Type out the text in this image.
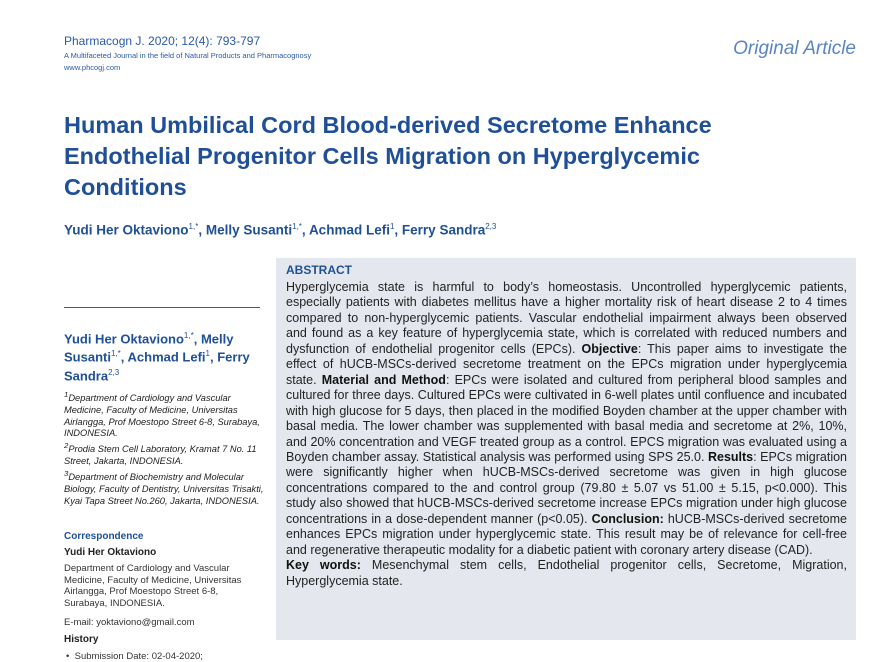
Pharmacogn J. 2020; 12(4): 793-797
A Multifaceted Journal in the field of Natural Products and Pharmacognosy
www.phcogj.com
Original Article
Human Umbilical Cord Blood-derived Secretome Enhance Endothelial Progenitor Cells Migration on Hyperglycemic Conditions
Yudi Her Oktaviono$^{1,*}$, Melly Susanti$^{1,*}$, Achmad Lefi$^1$, Ferry Sandra$^{2,3}$
ABSTRACT

Hyperglycemia state is harmful to body’s homeostasis. Uncontrolled hyperglycemic patients, especially patients with diabetes mellitus have a higher mortality risk of heart disease 2 to 4 times compared to non-hyperglycemic patients. Vascular endothelial impairment always been observed and found as a key feature of hyperglycemia state, which is correlated with reduced numbers and dysfunction of endothelial progenitor cells (EPCs). Objective: This paper aims to investigate the effect of hUCB-MSCs-derived secretome treatment on the EPCs migration under hyperglycemia state. Material and Method: EPCs were isolated and cultured from peripheral blood samples and cultured for three days. Cultured EPCs were cultivated in 6-well plates until confluence and incubated with high glucose for 5 days, then placed in the modified Boyden chamber at the upper chamber with basal media. The lower chamber was supplemented with basal media and secretome at 2%, 10%, and 20% concentration and VEGF treated group as a control. EPCS migration was evaluated using a Boyden chamber assay. Statistical analysis was performed using SPS 25.0. Results: EPCs migration were significantly higher when hUCB-MSCs-derived secretome was given in high glucose concentrations compared to the and control group (79.80 ± 5.07 vs 51.00 ± 5.15, p<0.000). This study also showed that hUCB-MSCs-derived secretome increase EPCs migration under high glucose concentrations in a dose-dependent manner (p<0.05). Conclusion: hUCB-MSCs-derived secretome enhances EPCs migration under hyperglycemic state. This result may be of relevance for cell-free and regenerative therapeutic modality for a diabetic patient with coronary artery disease (CAD).
Key words: Mesenchymal stem cells, Endothelial progenitor cells, Secretome, Migration, Hyperglycemia state.

Yudi Her Oktaviono$^{1,*}$, Melly
Susanti$^{1,*}$, Achmad Lefi$^1$, Ferry
Sandra$^{2,3}$

$^1$Department of Cardiology and Vascular Medicine, Faculty of Medicine, Universitas Airlangga, Prof Moestopo Street 6-8, Surabaya, INDONESIA.

$^2$Prodia Stem Cell Laboratory, Kramat 7 No. 11 Street, Jakarta, INDONESIA.

$^3$Department of Biochemistry and Molecular Biology, Faculty of Dentistry, Universitas Trisakti, Kyai Tapa Street No.260, Jakarta, INDONESIA.

Correspondence
Yudi Her Oktaviono
Department of Cardiology and Vascular Medicine, Faculty of Medicine, Universitas Airlangga, Prof Moestopo Street 6-8, Surabaya, INDONESIA.
E-mail: yoktaviono@gmail.com
History
•  Submission Date: 02-04-2020;
